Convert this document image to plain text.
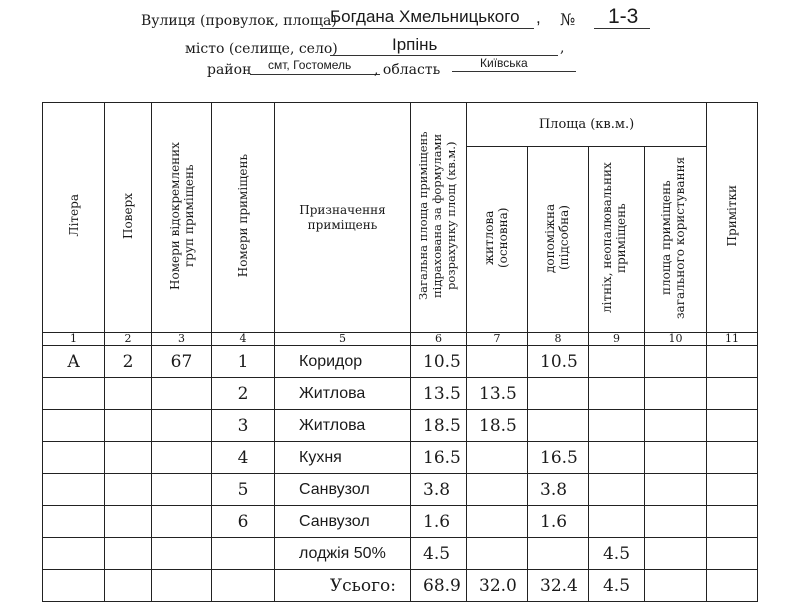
Вулиця (провулок, площа)
Богдана Хмельницького , № 1-3
місто (селище, село)	Ірпінь	,
район смт, Гостомель , область	Київська
Літера	Поверх	Номери відокремлених груп приміщень	Номери приміщень	Призначення приміщень	Загальна площа приміщень підрахована за формулами розрахунку площ (кв.м.)	Площа (кв.м.)				Примітки
						житлова (основна)	допоміжна (підсобна)	літніх, неопалювальних приміщень	площа приміщень загального користування	
1	2	3	4	5	6	7	8	9	10	11
А	2	67	1	Коридор	10.5		10.5			
			2	Житлова	13.5	13.5				
			3	Житлова	18.5	18.5				
			4	Кухня	16.5		16.5			
			5	Санвузол	3.8		3.8			
			6	Санвузол	1.6		1.6			
				лоджія 50%	4.5			4.5		
				Усього:	68.9	32.0	32.4	4.5		
